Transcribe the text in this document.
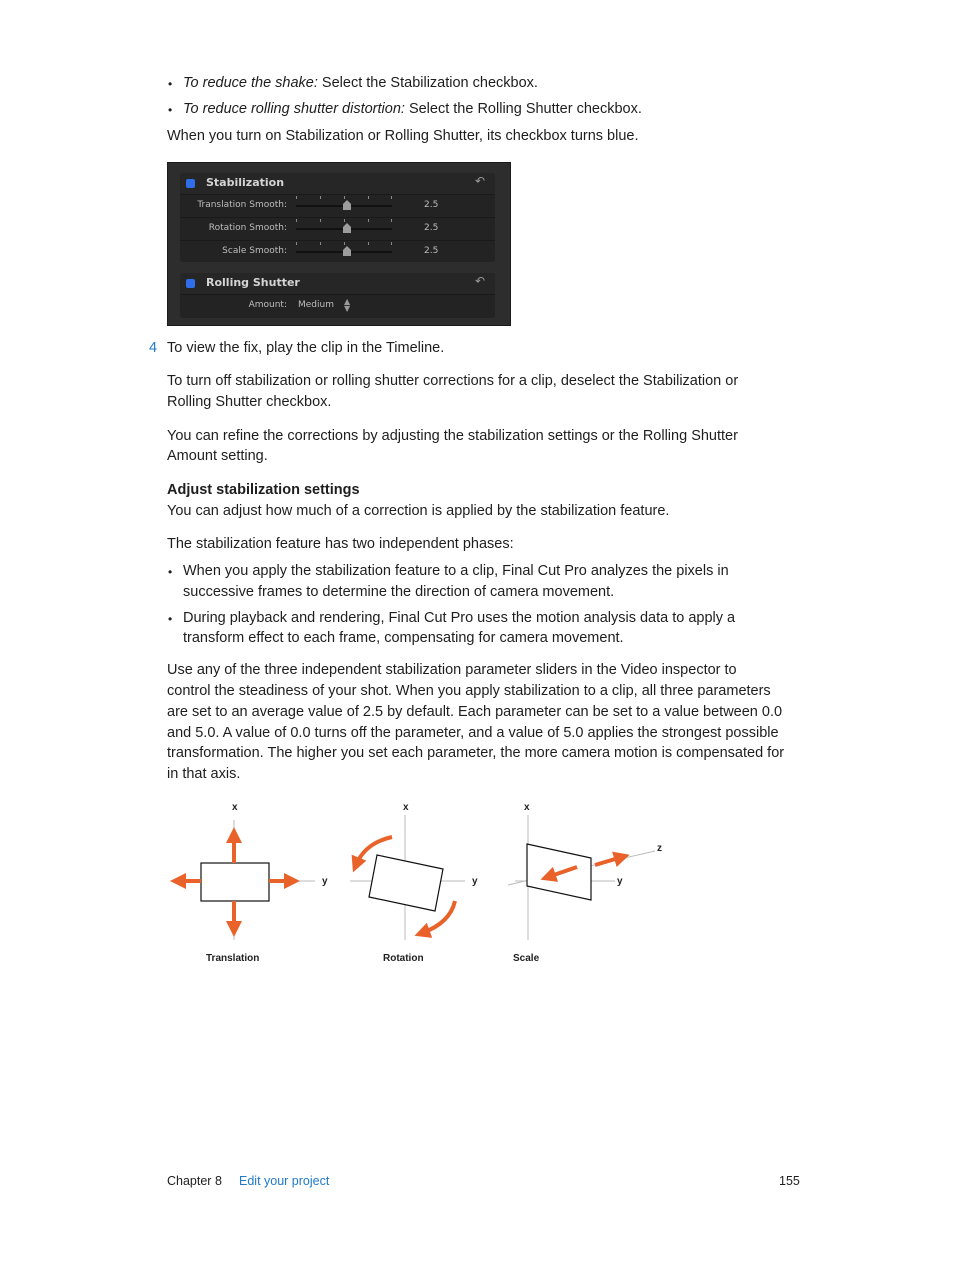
• To reduce the shake: Select the Stabilization checkbox.
• To reduce rolling shutter distortion: Select the Rolling Shutter checkbox.
When you turn on Stabilization or Rolling Shutter, its checkbox turns blue.
Stabilization	↶
Translation Smooth:	2.5
Rotation Smooth:	2.5
Scale Smooth:	2.5
Rolling Shutter	↶
Amount: Medium ▲
▼
4 To view the fix, play the clip in the Timeline.
To turn off stabilization or rolling shutter corrections for a clip, deselect the Stabilization or
Rolling Shutter checkbox.
You can refine the corrections by adjusting the stabilization settings or the Rolling Shutter
Amount setting.
Adjust stabilization settings
You can adjust how much of a correction is applied by the stabilization feature.
The stabilization feature has two independent phases:
• When you apply the stabilization feature to a clip, Final Cut Pro analyzes the pixels in
successive frames to determine the direction of camera movement.
• During playback and rendering, Final Cut Pro uses the motion analysis data to apply a
transform effect to each frame, compensating for camera movement.
Use any of the three independent stabilization parameter sliders in the Video inspector to
control the steadiness of your shot. When you apply stabilization to a clip, all three parameters
are set to an average value of 2.5 by default. Each parameter can be set to a value between 0.0
and 5.0. A value of 0.0 turns off the parameter, and a value of 5.0 applies the strongest possible
transformation. The higher you set each parameter, the more camera motion is compensated for
in that axis.
x
y
Translation
x
y
Rotation
x
y
z
Scale
Chapter 8 Edit your project	155
